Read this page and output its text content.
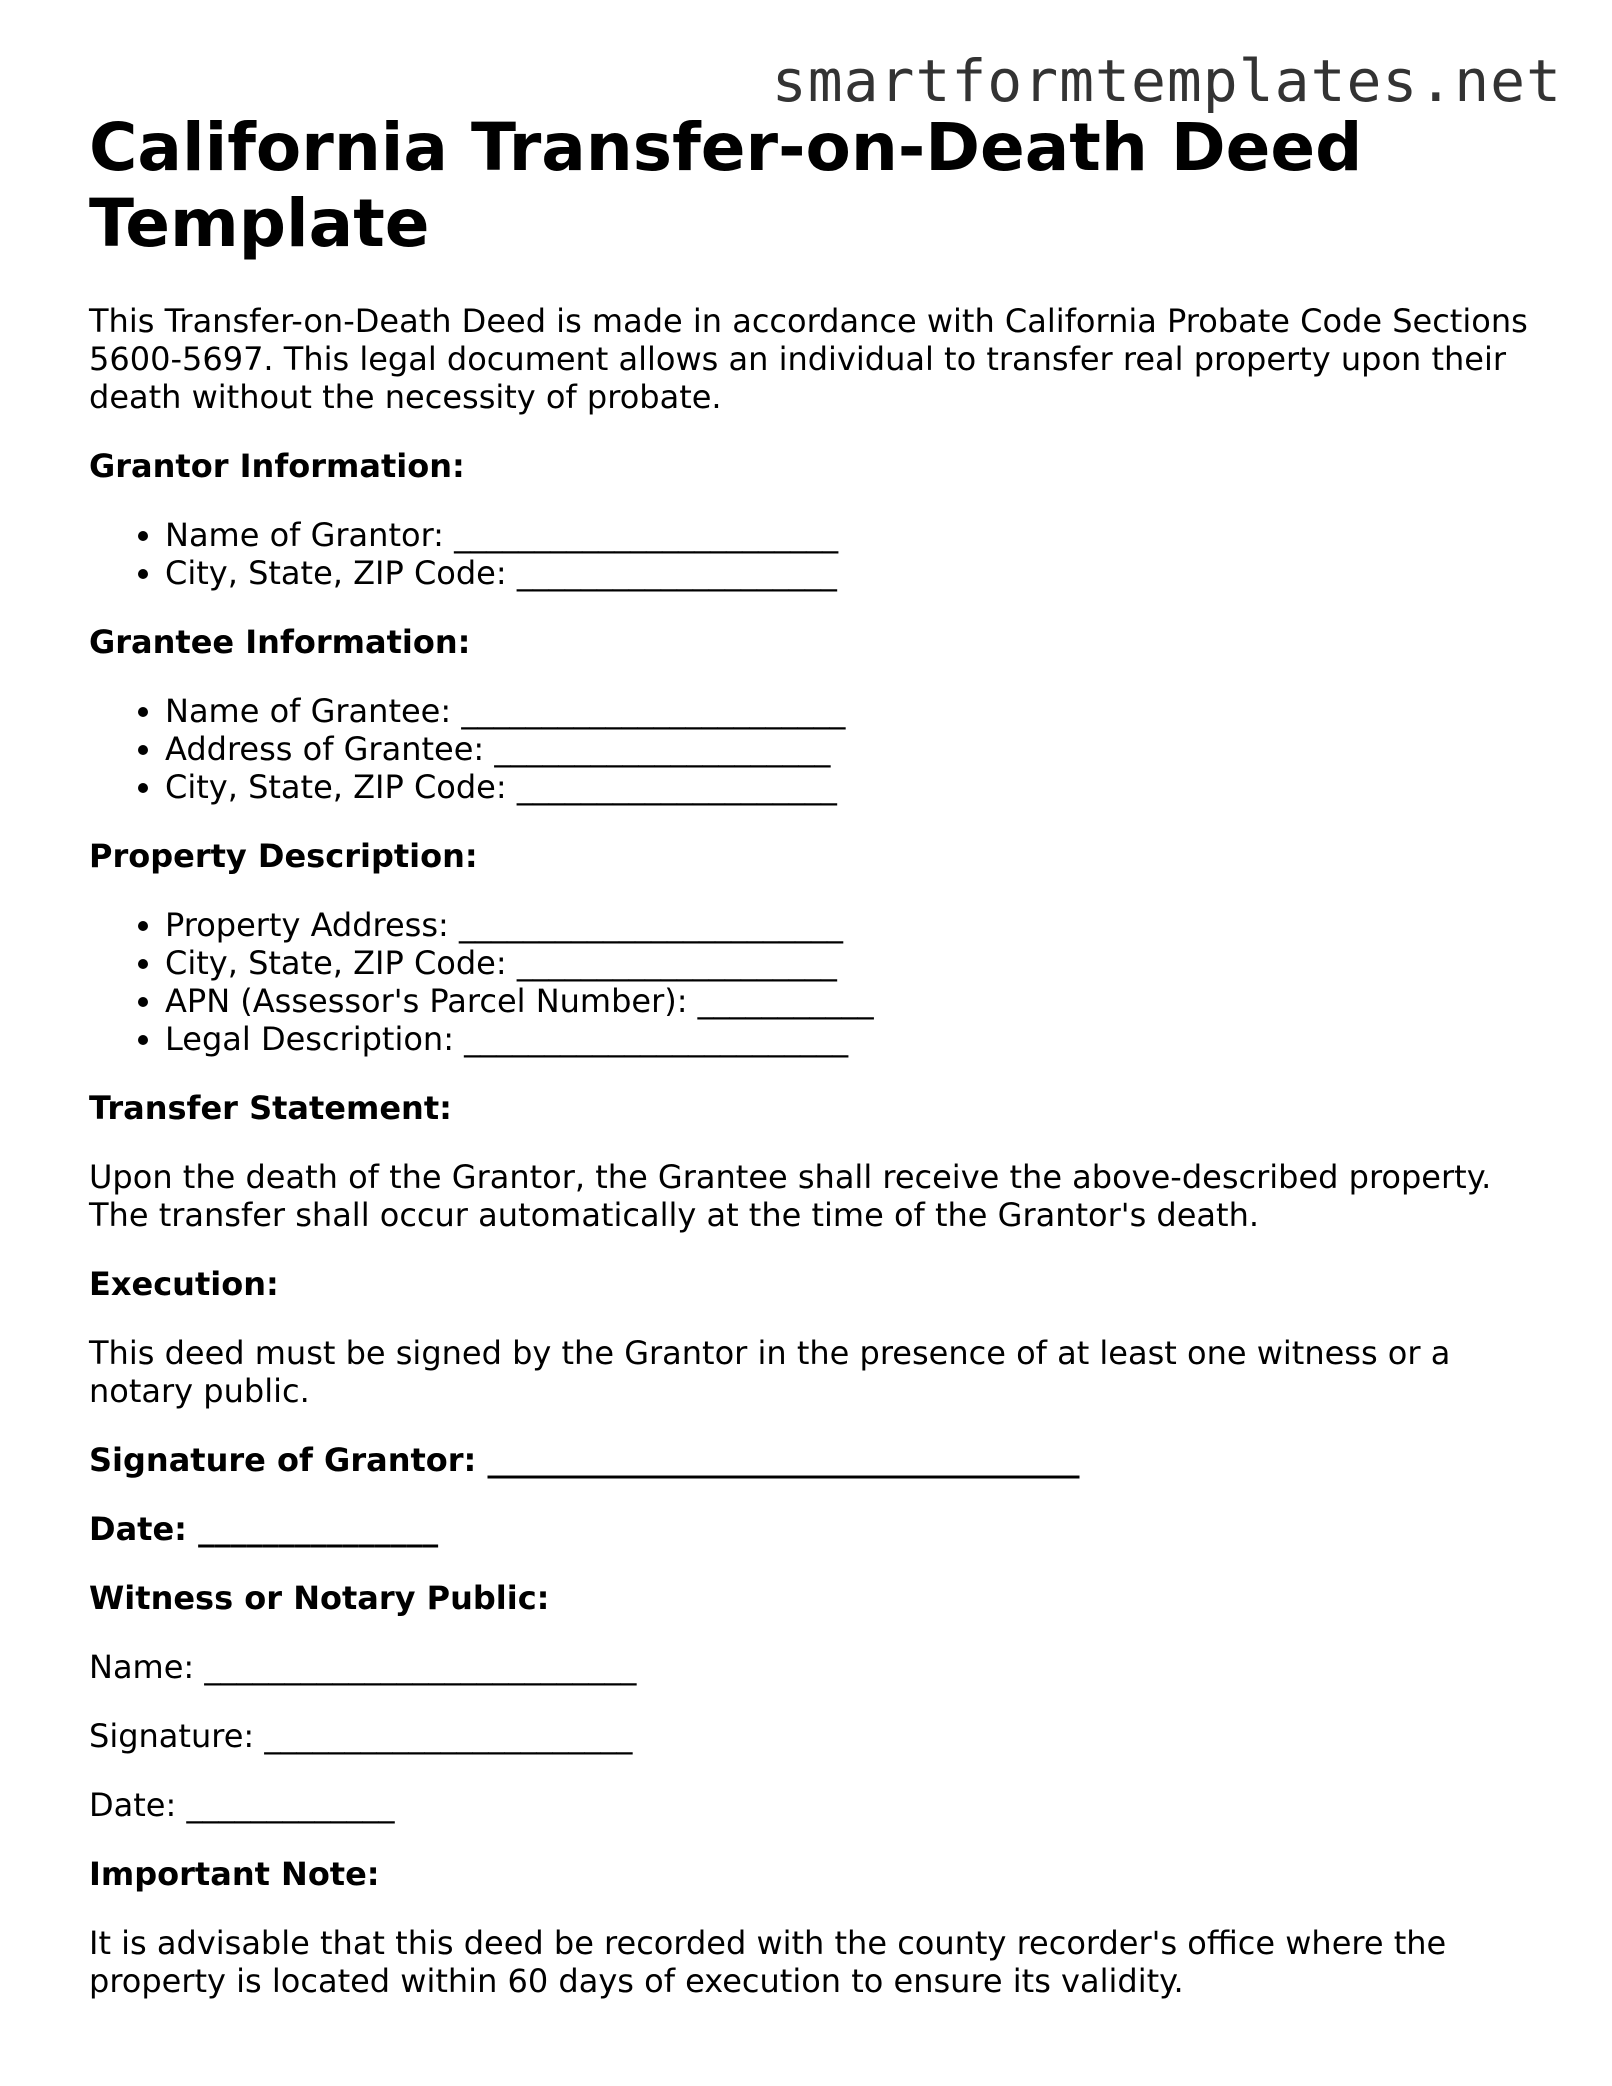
smartformtemplates.net
California Transfer-on-Death Deed Template

This Transfer-on-Death Deed is made in accordance with California Probate Code Sections 5600-5697. This legal document allows an individual to transfer real property upon their death without the necessity of probate.

Grantor Information:

• Name of Grantor: ________________________
• City, State, ZIP Code: ____________________

Grantee Information:

• Name of Grantee: ________________________
• Address of Grantee: _____________________
• City, State, ZIP Code: ____________________

Property Description:

• Property Address: ________________________
• City, State, ZIP Code: ____________________
• APN (Assessor's Parcel Number): ___________
• Legal Description: ________________________

Transfer Statement:

Upon the death of the Grantor, the Grantee shall receive the above-described property. The transfer shall occur automatically at the time of the Grantor's death.

Execution:

This deed must be signed by the Grantor in the presence of at least one witness or a notary public.

Signature of Grantor: _____________________________________

Date: _______________

Witness or Notary Public:

Name: ___________________________

Signature: _______________________

Date: _____________

Important Note:

It is advisable that this deed be recorded with the county recorder's office where the property is located within 60 days of execution to ensure its validity.
